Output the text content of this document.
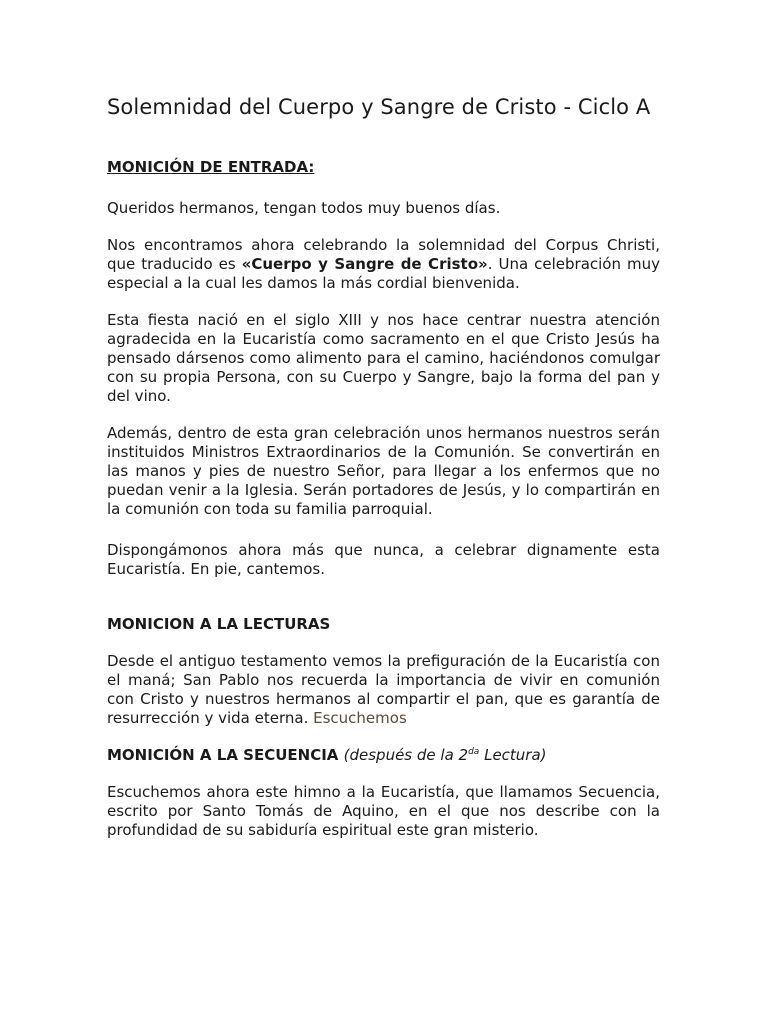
Solemnidad del Cuerpo y Sangre de Cristo - Ciclo A
MONICIÓN DE ENTRADA:

Queridos hermanos, tengan todos muy buenos días.

Nos encontramos ahora celebrando la solemnidad del Corpus Christi, que traducido es «Cuerpo y Sangre de Cristo». Una celebración muy especial a la cual les damos la más cordial bienvenida.

Esta fiesta nació en el siglo XIII y nos hace centrar nuestra atención agradecida en la Eucaristía como sacramento en el que Cristo Jesús ha pensado dársenos como alimento para el camino, haciéndonos comulgar con su propia Persona, con su Cuerpo y Sangre, bajo la forma del pan y del vino.

Además, dentro de esta gran celebración unos hermanos nuestros serán instituidos Ministros Extraordinarios de la Comunión. Se convertirán en las manos y pies de nuestro Señor, para llegar a los enfermos que no puedan venir a la Iglesia. Serán portadores de Jesús, y lo compartirán en la comunión con toda su familia parroquial.

Dispongámonos ahora más que nunca, a celebrar dignamente esta Eucaristía. En pie, cantemos.

MONICION A LA LECTURAS

Desde el antiguo testamento vemos la prefiguración de la Eucaristía con el maná; San Pablo nos recuerda la importancia de vivir en comunión con Cristo y nuestros hermanos al compartir el pan, que es garantía de resurrección y vida eterna. Escuchemos

MONICIÓN A LA SECUENCIA (después de la $2^{da}$ Lectura)

Escuchemos ahora este himno a la Eucaristía, que llamamos Secuencia, escrito por Santo Tomás de Aquino, en el que nos describe con la profundidad de su sabiduría espiritual este gran misterio.
